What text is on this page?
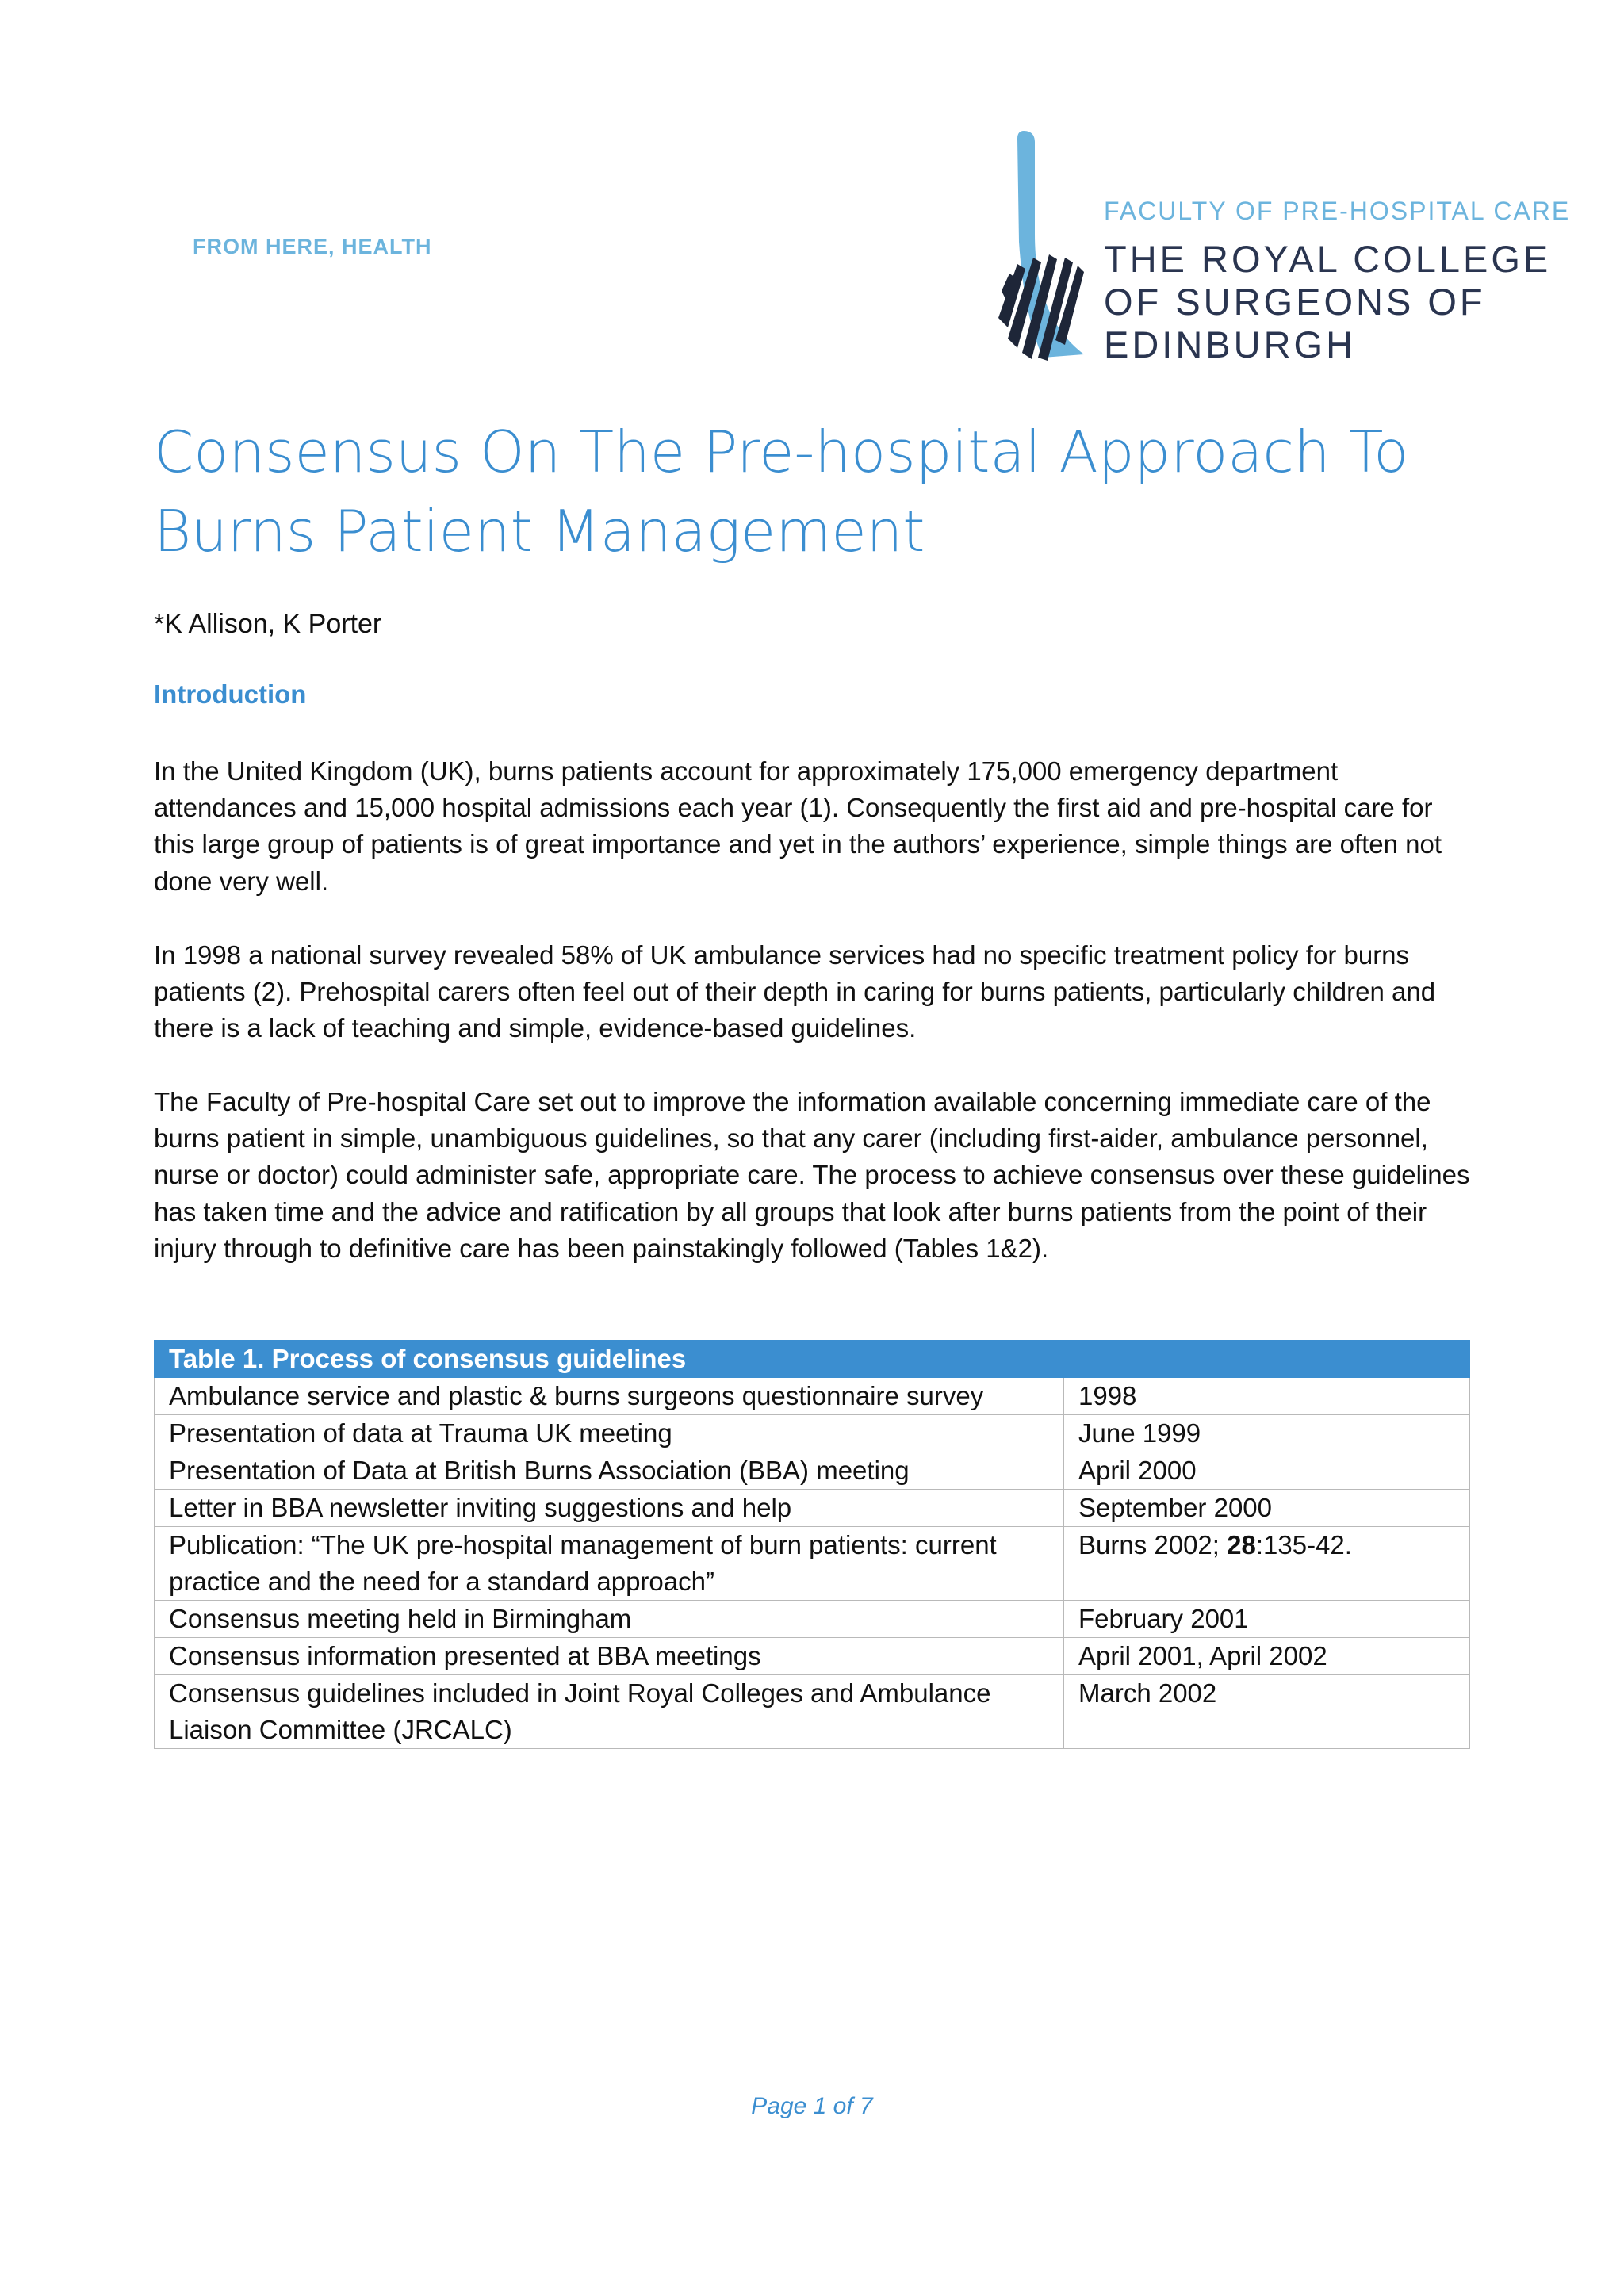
FROM HERE, HEALTH
FACULTY OF PRE-HOSPITAL CARE
THE ROYAL COLLEGE
OF SURGEONS OF
EDINBURGH
Consensus On The Pre-hospital Approach To Burns Patient Management
*K Allison, K Porter
Introduction
In the United Kingdom (UK), burns patients account for approximately 175,000 emergency department attendances and 15,000 hospital admissions each year (1). Consequently the first aid and pre-hospital care for this large group of patients is of great importance and yet in the authors’ experience, simple things are often not done very well.
In 1998 a national survey revealed 58% of UK ambulance services had no specific treatment policy for burns patients (2). Prehospital carers often feel out of their depth in caring for burns patients, particularly children and there is a lack of teaching and simple, evidence-based guidelines.
The Faculty of Pre-hospital Care set out to improve the information available concerning immediate care of the burns patient in simple, unambiguous guidelines, so that any carer (including first-aider, ambulance personnel, nurse or doctor) could administer safe, appropriate care. The process to achieve consensus over these guidelines has taken time and the advice and ratification by all groups that look after burns patients from the point of their injury through to definitive care has been painstakingly followed (Tables 1&2).
Table 1. Process of consensus guidelines	
Ambulance service and plastic & burns surgeons questionnaire survey	1998
Presentation of data at Trauma UK meeting	June 1999
Presentation of Data at British Burns Association (BBA) meeting	April 2000
Letter in BBA newsletter inviting suggestions and help	September 2000
Publication: “The UK pre-hospital management of burn patients: current practice and the need for a standard approach”	Burns 2002; 28:135-42.
Consensus meeting held in Birmingham	February 2001
Consensus information presented at BBA meetings	April 2001, April 2002
Consensus guidelines included in Joint Royal Colleges and Ambulance Liaison Committee (JRCALC)	March 2002
Page 1 of 7
